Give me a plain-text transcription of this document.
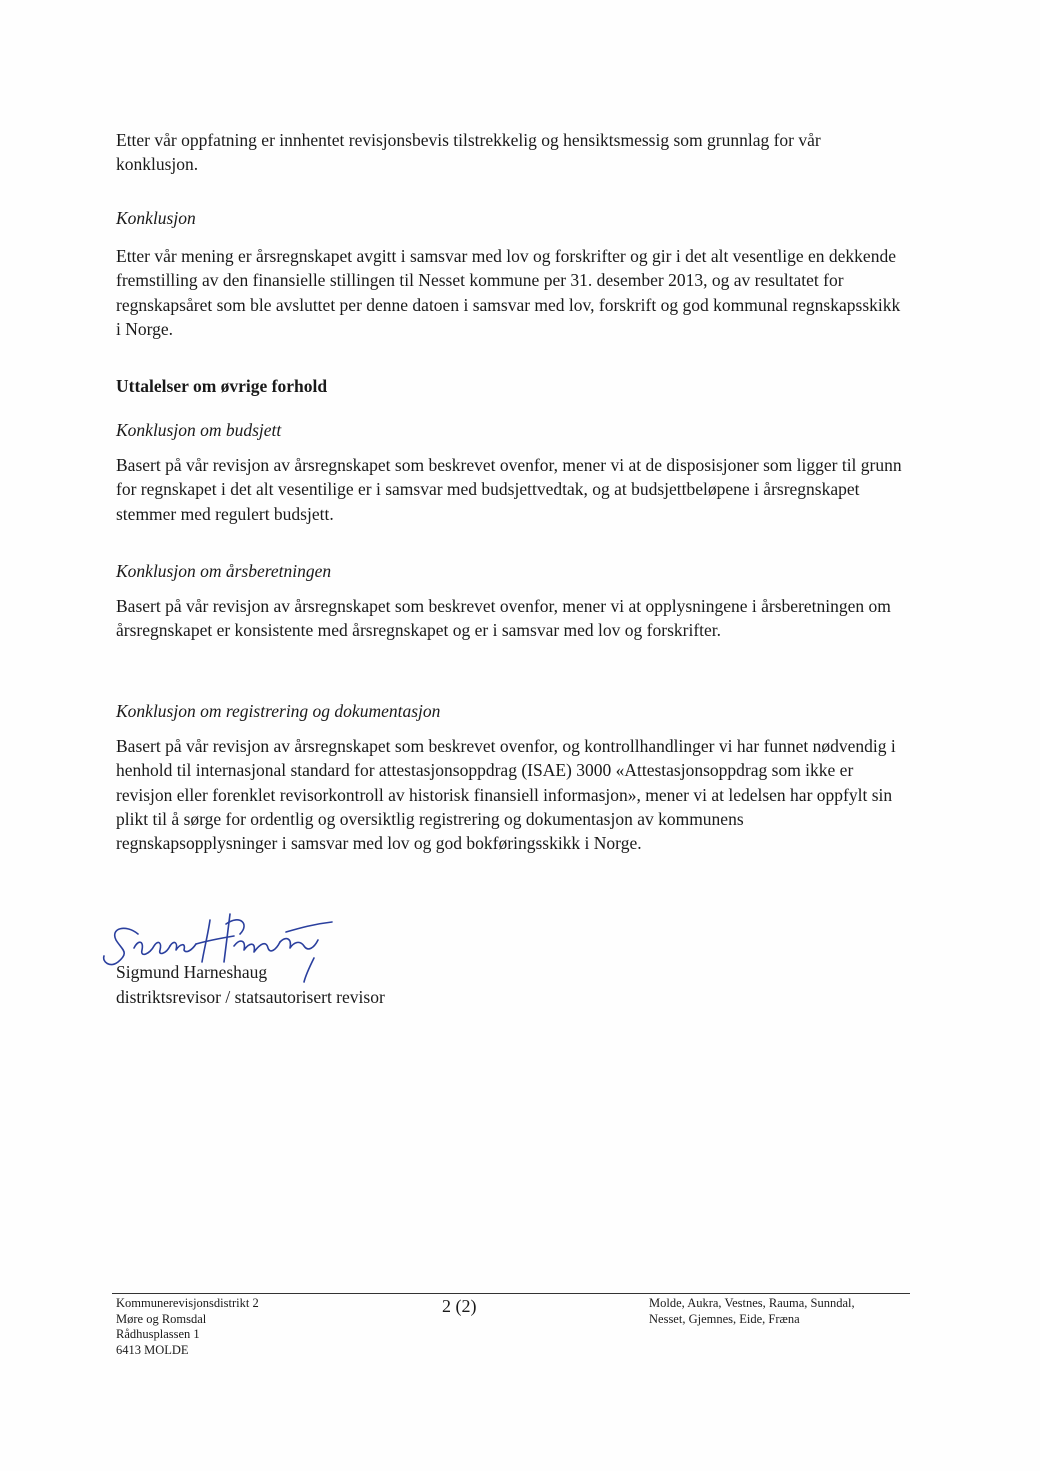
Etter vår oppfatning er innhentet revisjonsbevis tilstrekkelig og hensiktsmessig som grunnlag for vår konklusjon.
Konklusjon
Etter vår mening er årsregnskapet avgitt i samsvar med lov og forskrifter og gir i det alt vesentlige en dekkende fremstilling av den finansielle stillingen til Nesset kommune per 31. desember 2013, og av resultatet for regnskapsåret som ble avsluttet per denne datoen i samsvar med lov, forskrift og god kommunal regnskapsskikk i Norge.
Uttalelser om øvrige forhold
Konklusjon om budsjett
Basert på vår revisjon av årsregnskapet som beskrevet ovenfor, mener vi at de disposisjoner som ligger til grunn for regnskapet i det alt vesentilige er i samsvar med budsjettvedtak, og at budsjettbeløpene i årsregnskapet stemmer med regulert budsjett.
Konklusjon om årsberetningen
Basert på vår revisjon av årsregnskapet som beskrevet ovenfor, mener vi at opplysningene i årsberetningen om årsregnskapet er konsistente med årsregnskapet og er i samsvar med lov og forskrifter.
Konklusjon om registrering og dokumentasjon
Basert på vår revisjon av årsregnskapet som beskrevet ovenfor, og kontrollhandlinger vi har funnet nødvendig i henhold til internasjonal standard for attestasjonsoppdrag (ISAE) 3000 «Attestasjonsoppdrag som ikke er revisjon eller forenklet revisorkontroll av historisk finansiell informasjon», mener vi at ledelsen har oppfylt sin plikt til å sørge for ordentlig og oversiktlig registrering og dokumentasjon av kommunens regnskapsopplysninger i samsvar med lov og god bokføringsskikk i Norge.
Sigmund Harneshaug
distriktsrevisor / statsautorisert revisor
Kommunerevisjonsdistrikt 2
Møre og Romsdal
Rådhusplassen 1
6413 MOLDE
2 (2)	Molde, Aukra, Vestnes, Rauma, Sunndal,
Nesset, Gjemnes, Eide, Fræna
